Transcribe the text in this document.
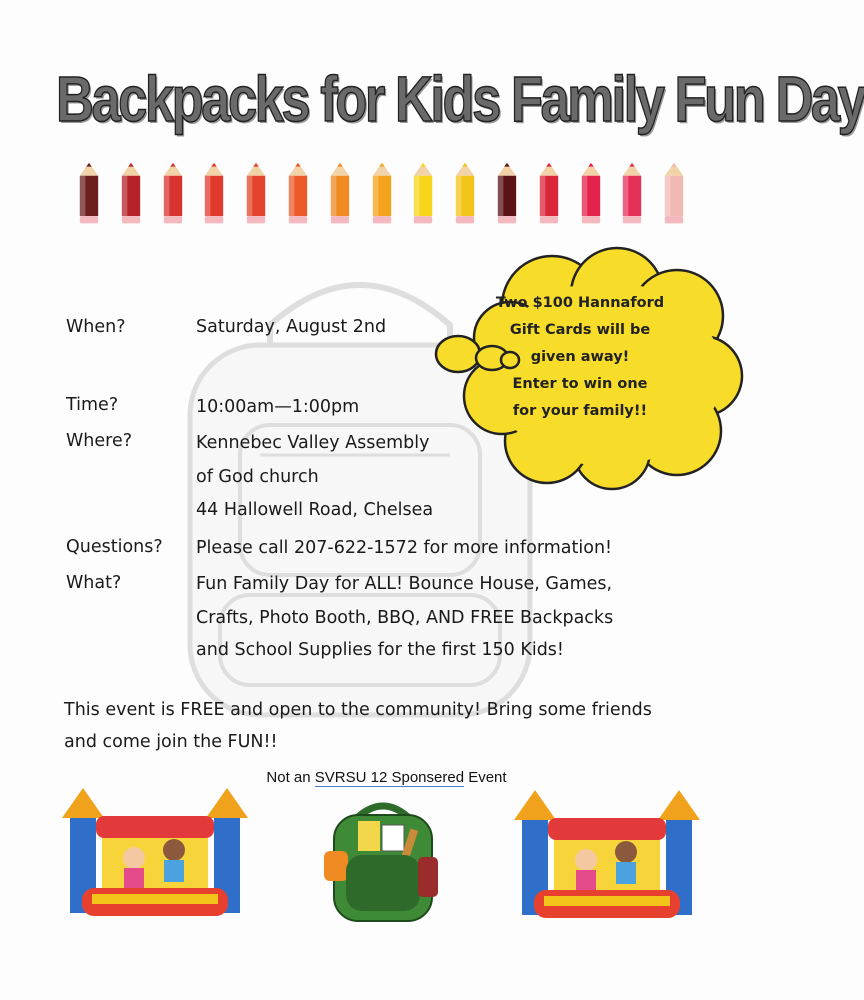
Backpacks for Kids Family Fun Day
Two $100 Hannaford
Gift Cards will be
given away!
Enter to win one
for your family!!
When?	Saturday, August 2nd
Time?	10:00am—1:00pm
Where?	Kennebec Valley Assembly
of God church
44 Hallowell Road, Chelsea
Questions? Please call 207-622-1572 for more information!
What?	Fun Family Day for ALL! Bounce House, Games,
Crafts, Photo Booth, BBQ, AND FREE Backpacks
and School Supplies for the first 150 Kids!
This event is FREE and open to the community! Bring some friends
and come join the FUN!!
Not an SVRSU 12 Sponsered Event
